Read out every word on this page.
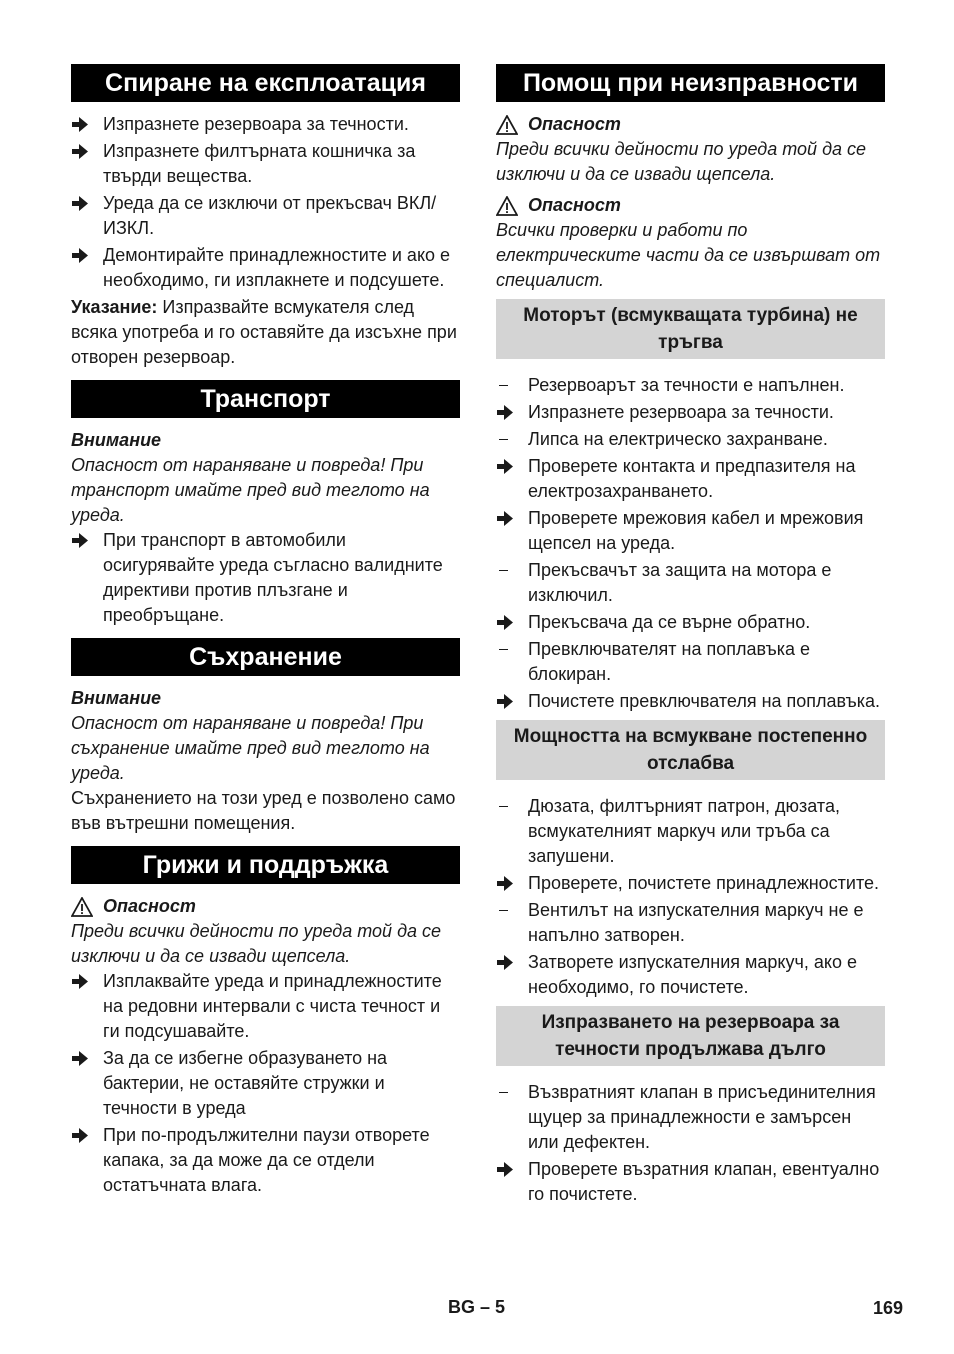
Спиране на експлоатация
Изпразнете резервоара за течности.
Изпразнете филтърната кошничка за твърди вещества.
Уреда да се изключи от прекъсвач ВКЛ/ИЗКЛ.
Демонтирайте принадлежностите и ако е необходимо, ги изплакнете и подсушете.
Указание: Изпразвайте всмукателя след всяка употреба и го оставяйте да изсъхне при отворен резервоар.
Транспорт
Внимание
Опасност от нараняване и повреда! При транспорт имайте пред вид теглото на уреда.
При транспорт в автомобили осигурявайте уреда съгласно валидните директиви против плъзгане и преобръщане.
Съхранение
Внимание
Опасност от нараняване и повреда! При съхранение имайте пред вид теглото на уреда.
Съхранението на този уред е позволено само във вътрешни помещения.
Грижи и поддръжка
Опасност
Преди всички дейности по уреда той да се изключи и да се извади щепсела.
Изплаквайте уреда и принадлежностите на редовни интервали с чиста течност и ги подсушавайте.
За да се избегне образуването на бактерии, не оставяйте стружки и течности в уреда
При по-продължителни паузи отворете капака, за да може да се отдели остатъчната влага.
Помощ при неизправности
Опасност
Преди всички дейности по уреда той да се изключи и да се извади щепсела.
Опасност
Всички проверки и работи по електрическите части да се извършват от специалист.
Моторът (всмукващата турбина) не тръгва
Резервоарът за течности е напълнен.
Изпразнете резервоара за течности.
Липса на електрическо захранване.
Проверете контакта и предпазителя на електрозахранването.
Проверете мрежовия кабел и мрежовия щепсел на уреда.
Прекъсвачът за защита на мотора е изключил.
Прекъсвача да се върне обратно.
Превключвателят на поплавъка е блокиран.
Почистете превключвателя на поплавъка.
Мощността на всмукване постепенно отслабва
Дюзата, филтърният патрон, дюзата, всмукателният маркуч или тръба са запушени.
Проверете, почистете принадлежностите.
Вентилът на изпускателния маркуч не е напълно затворен.
Затворете изпускателния маркуч, ако е необходимо, го почистете.
Изпразването на резервоара за течности продължава дълго
Възвратният клапан в присъединителния щуцер за принадлежности е замърсен или дефектен.
Проверете възратния клапан, евентуално го почистете.
BG – 5	169
